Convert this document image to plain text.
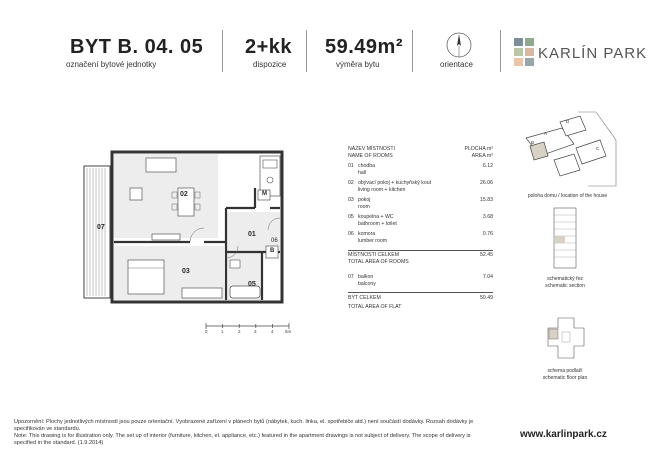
BYT B. 04. 05
označení bytové jednotky
2+kk
dispozice
59.49m²
výměra bytu	orientace
KARLÍN PARK
02
01
03
05
06
07
M
B
0	1	2	3	4	5m
NÁZEV MÍSTNOSTI	PLOCHA m²
NAME OF ROOMS	AREA m²
01 chodba	6.12
hall
02 obývací pokoj + kuchyňský kout	26.06
living room + kitchen
03 pokoj	15.83
room
05 koupelna + WC	3.68
bathroom + toilet
06 komora	0.76
lumber room
MÍSTNOSTI CELKEM	52.45
TOTAL AREA OF ROOMS
07 balkon	7.04
balcony
BYT CELKEM	59.49
TOTAL AREA OF FLAT
A
B
C
D
poloha domu / location of the house
schematický řez
schematic section
schema podlaží
schematic floor plan
Upozornění: Plochy jednotlivých místností jsou pouze orientační. Vyobrazené zařízení v plánech bytů (nábytek, kuch. linka, el. spotřebiče atd.) není součástí dodávky. Rozsah dodávky je specifikován ve standardu.
Note: This drawing is for illustration only. The set up of interior (furniture, kitchen, el. appliance, etc.) featured in the apartment drawings is not subject of delivery. The scope of delivery is specified in the standard. (1.9.2014)
www.karlinpark.cz
